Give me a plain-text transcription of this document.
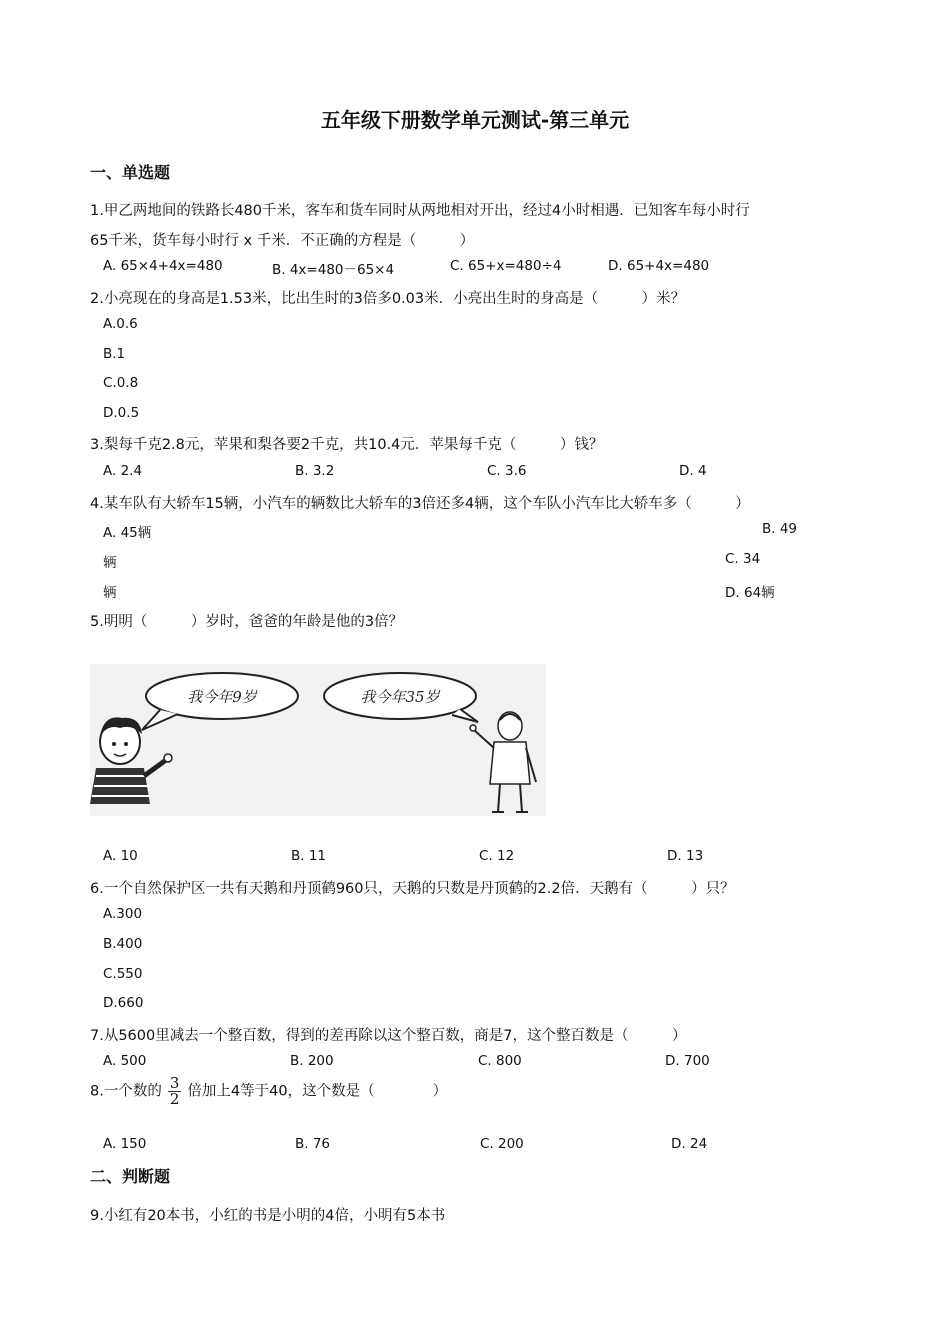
五年级下册数学单元测试-第三单元
一、单选题
1.甲乙两地间的铁路长480千米，客车和货车同时从两地相对开出，经过4小时相遇．已知客车每小时行
65千米，货车每小时行 x 千米．不正确的方程是（　　　）
A. 65×4+4x=480	B. 4x=480－65×4	C. 65+x=480÷4	D. 65+4x=480
2.小亮现在的身高是1.53米，比出生时的3倍多0.03米．小亮出生时的身高是（　　　）米？
A.0.6
B.1
C.0.8
D.0.5
3.梨每千克2.8元，苹果和梨各要2千克，共10.4元．苹果每千克（　　　）钱？
A. 2.4	B. 3.2	C. 3.6	D. 4
4.某车队有大轿车15辆，小汽车的辆数比大轿车的3倍还多4辆，这个车队小汽车比大轿车多（　　　）
A. 45辆	B. 49
辆	C. 34
辆	D. 64辆
5.明明（　　　）岁时，爸爸的年龄是他的3倍？
我今年9岁	我今年35岁
A. 10	B. 11	C. 12	D. 13
6.一个自然保护区一共有天鹅和丹顶鹤960只，天鹅的只数是丹顶鹤的2.2倍．天鹅有（　　　）只？
A.300
B.400
C.550
D.660
7.从5600里减去一个整百数，得到的差再除以这个整百数，商是7，这个整百数是（　　　）
A. 500	B. 200	C. 800	D. 700
8.一个数的 $\frac{3}{2}$ 倍加上4等于40，这个数是（　　　　）
A. 150	B. 76	C. 200	D. 24
二、判断题
9.小红有20本书，小红的书是小明的4倍，小明有5本书
